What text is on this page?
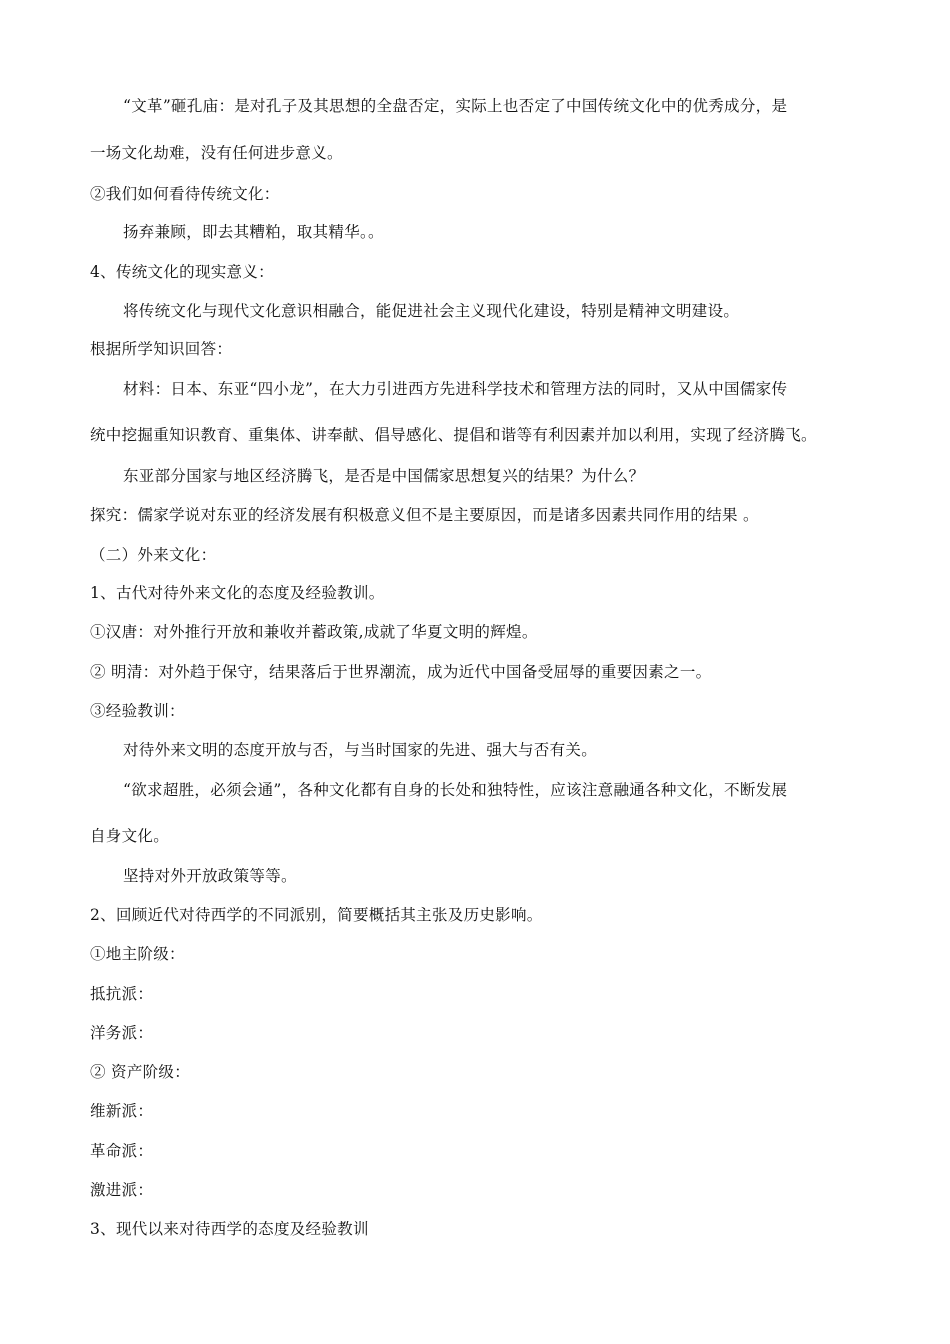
“文革”砸孔庙：是对孔子及其思想的全盘否定，实际上也否定了中国传统文化中的优秀成分，是
一场文化劫难，没有任何进步意义。
②我们如何看待传统文化：
扬弃兼顾，即去其糟粕，取其精华。。
4、传统文化的现实意义：
将传统文化与现代文化意识相融合，能促进社会主义现代化建设，特别是精神文明建设。
根据所学知识回答：
材料：日本、东亚“四小龙”，在大力引进西方先进科学技术和管理方法的同时，又从中国儒家传
统中挖掘重知识教育、重集体、讲奉献、倡导感化、提倡和谐等有利因素并加以利用，实现了经济腾飞。
东亚部分国家与地区经济腾飞，是否是中国儒家思想复兴的结果？为什么？
探究：儒家学说对东亚的经济发展有积极意义但不是主要原因，而是诸多因素共同作用的结果 。
（二）外来文化：
1、古代对待外来文化的态度及经验教训。
①汉唐：对外推行开放和兼收并蓄政策,成就了华夏文明的辉煌。
② 明清：对外趋于保守，结果落后于世界潮流，成为近代中国备受屈辱的重要因素之一。
③经验教训：
对待外来文明的态度开放与否，与当时国家的先进、强大与否有关。
“欲求超胜，必须会通”，各种文化都有自身的长处和独特性，应该注意融通各种文化，不断发展
自身文化。
坚持对外开放政策等等。
2、回顾近代对待西学的不同派别，简要概括其主张及历史影响。
①地主阶级：
抵抗派：
洋务派：
② 资产阶级：
维新派：
革命派：
激进派：
3、现代以来对待西学的态度及经验教训
